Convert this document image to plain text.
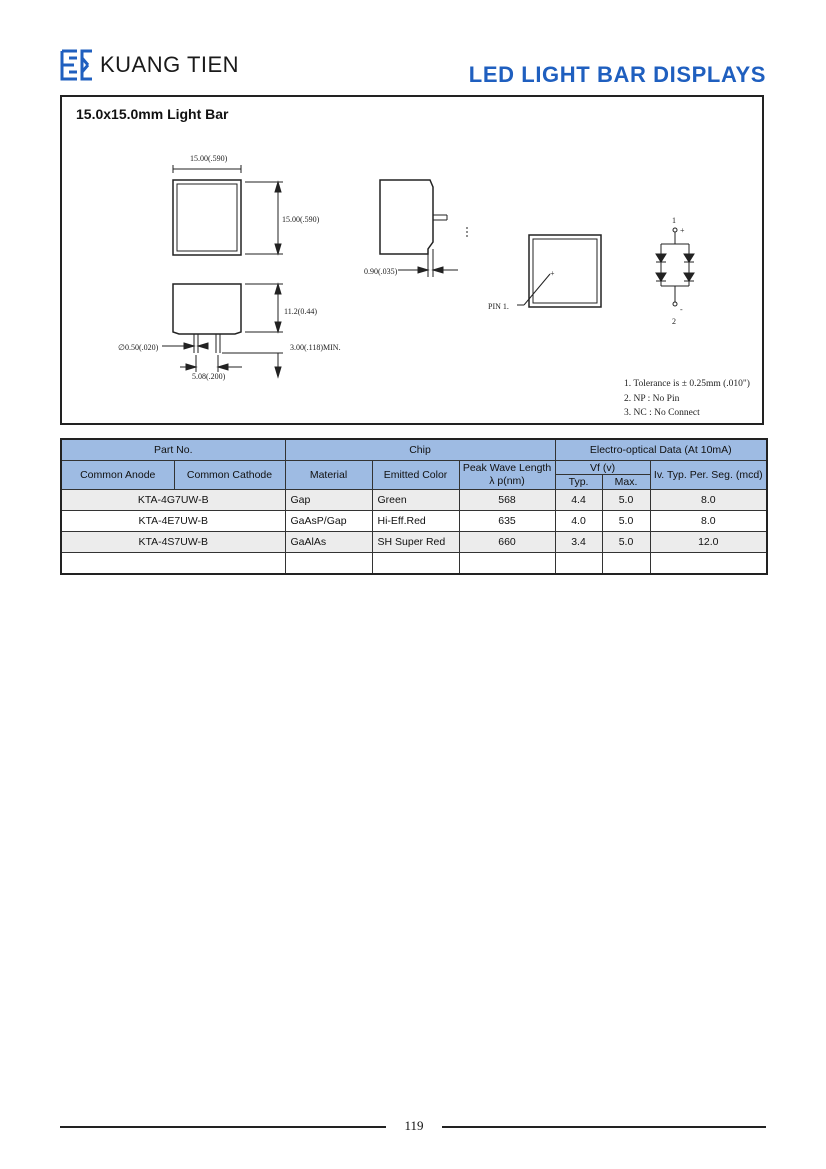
KUANG TIEN	LED LIGHT BAR DISPLAYS
15.0x15.0mm Light Bar
15.00(.590)
15.00(.590)
11.2(0.44)
3.00(.118)MIN.
∅0.50(.020)
5.08(.200)
0.90(.035)
PIN 1.
+
1
+
-
2
1. Tolerance is ± 0.25mm (.010")
2. NP : No Pin
3. NC : No Connect
Part No.		Chip			Electro-optical Data (At 10mA)		
Common Anode	Common Cathode	Material	Emitted Color	Peak Wave Length
λ p(nm)	Vf (v)		Iv. Typ. Per. Seg. (mcd)
					Typ.	Max.	
KTA-4G7UW-B		Gap	Green	568	4.4	5.0	8.0
KTA-4E7UW-B		GaAsP/Gap	Hi-Eff.Red	635	4.0	5.0	8.0
KTA-4S7UW-B		GaAlAs	SH Super Red	660	3.4	5.0	12.0

119
